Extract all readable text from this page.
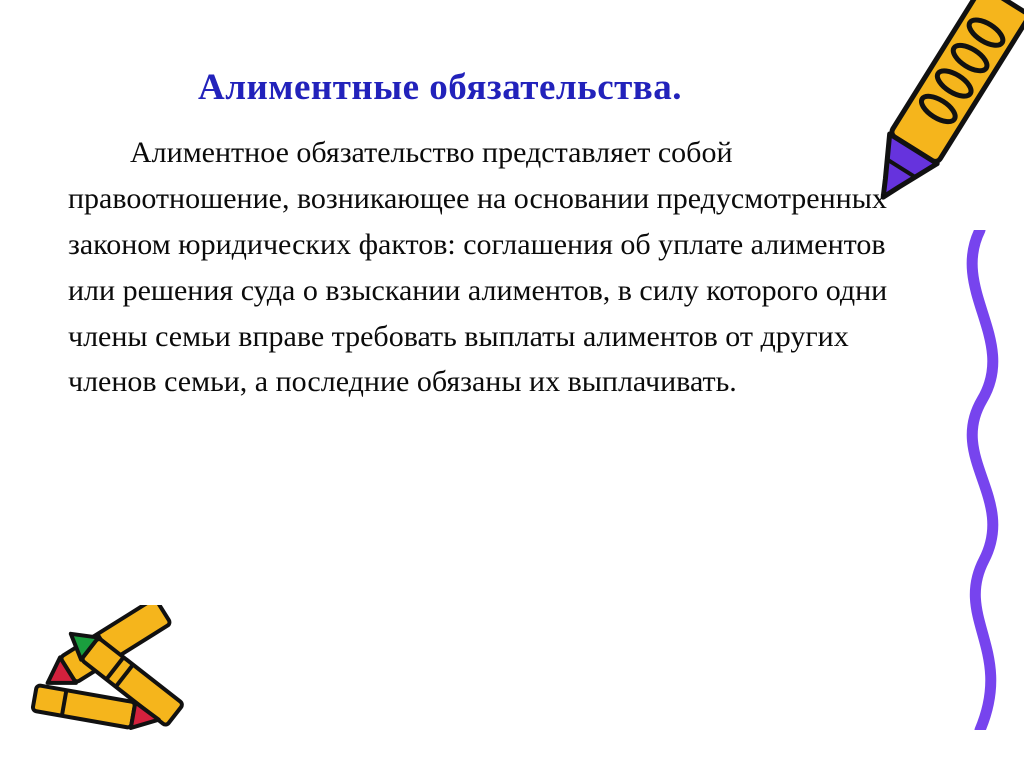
Алиментные обязательства.
Алиментное обязательство представляет собой правоотношение, возникающее на основании предусмотренных законом юридических фактов: соглашения об уплате алиментов или решения суда о взыскании алиментов, в силу которого одни члены семьи вправе требовать выплаты алиментов от других членов семьи, а последние обязаны их выплачивать.
